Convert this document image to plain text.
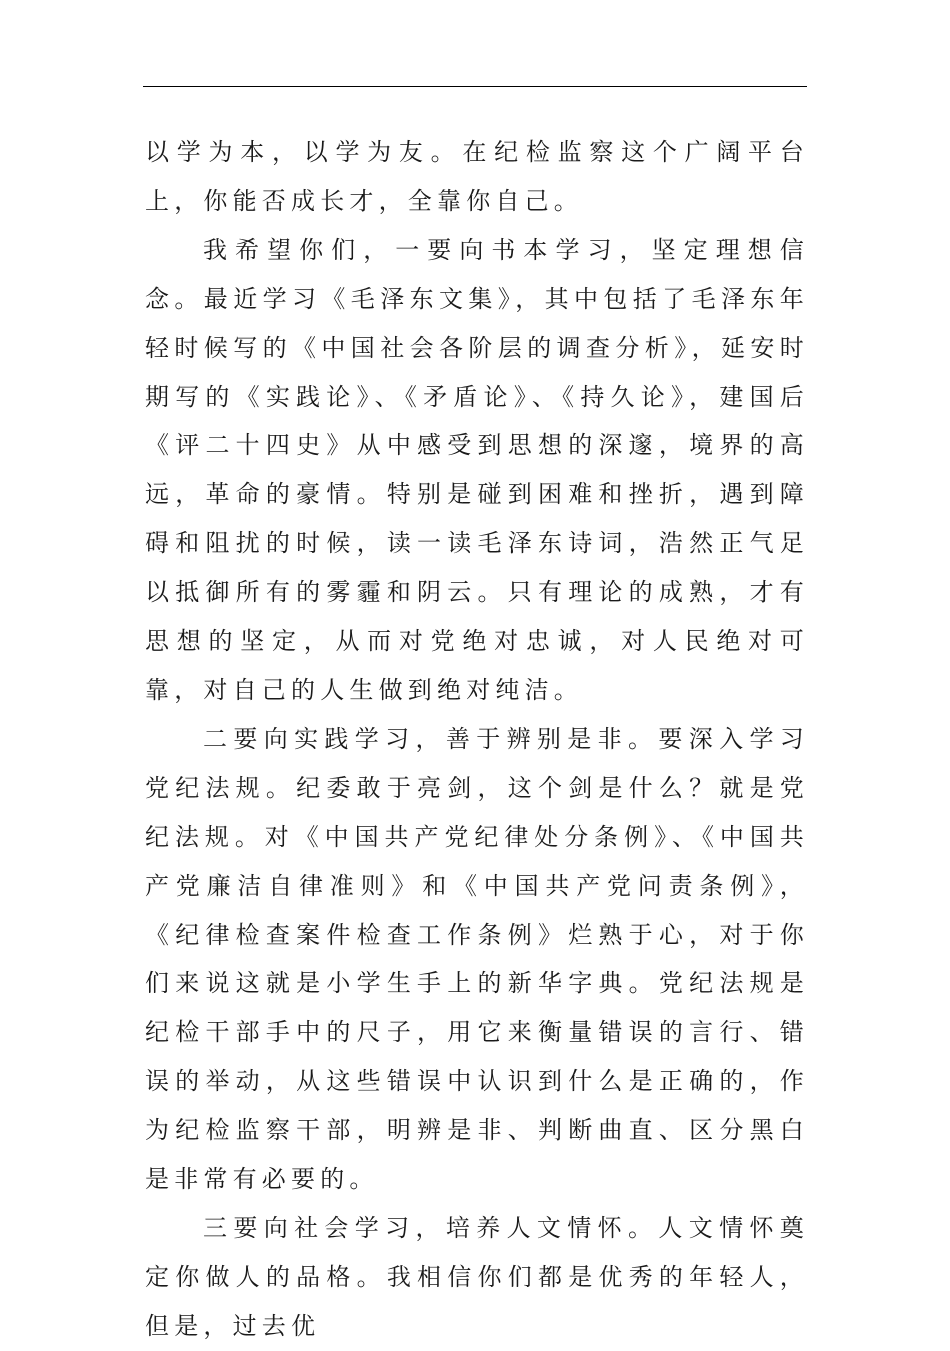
以学为本，以学为友。在纪检监察这个广阔平台上，你能否成长才，全靠你自己。

我希望你们，一要向书本学习，坚定理想信念。最近学习《毛泽东文集》，其中包括了毛泽东年轻时候写的《中国社会各阶层的调查分析》，延安时期写的《实践论》、《矛盾论》、《持久论》，建国后《评二十四史》从中感受到思想的深邃，境界的高远，革命的豪情。特别是碰到困难和挫折，遇到障碍和阻扰的时候，读一读毛泽东诗词，浩然正气足以抵御所有的雾霾和阴云。只有理论的成熟，才有思想的坚定，从而对党绝对忠诚，对人民绝对可靠，对自己的人生做到绝对纯洁。

二要向实践学习，善于辨别是非。要深入学习党纪法规。纪委敢于亮剑，这个剑是什么？就是党纪法规。对《中国共产党纪律处分条例》、《中国共产党廉洁自律准则》和《中国共产党问责条例》，《纪律检查案件检查工作条例》烂熟于心，对于你们来说这就是小学生手上的新华字典。党纪法规是纪检干部手中的尺子，用它来衡量错误的言行、错误的举动，从这些错误中认识到什么是正确的，作为纪检监察干部，明辨是非、判断曲直、区分黑白是非常有必要的。

三要向社会学习，培养人文情怀。人文情怀奠定你做人的品格。我相信你们都是优秀的年轻人，但是，过去优
